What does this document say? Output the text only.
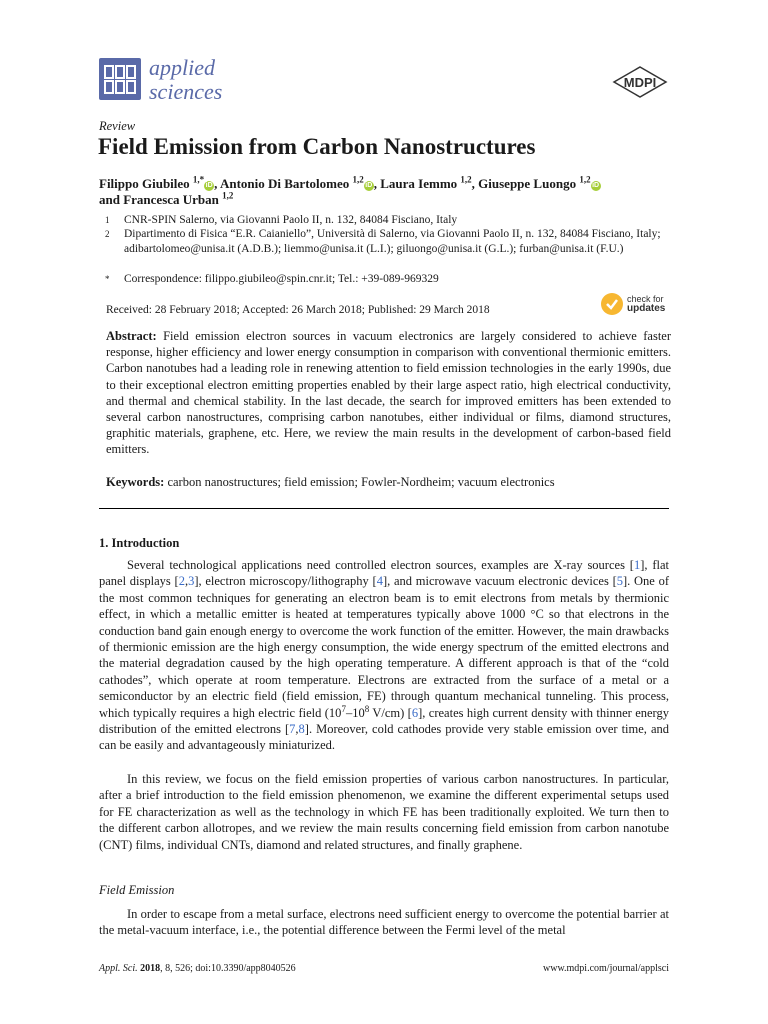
applied
sciences	MDPI
Review
Field Emission from Carbon Nanostructures
Filippo Giubileo $^{1,*}$iD , Antonio Di Bartolomeo $^{1,2}$iD , Laura Iemmo $^{1,2}$, Giuseppe Luongo $^{1,2}$iD
and Francesca Urban $^{1,2}$
1 CNR-SPIN Salerno, via Giovanni Paolo II, n. 132, 84084 Fisciano, Italy
2 Dipartimento di Fisica “E.R. Caianiello”, Università di Salerno, via Giovanni Paolo II, n. 132, 84084 Fisciano, Italy; adibartolomeo@unisa.it (A.D.B.); liemmo@unisa.it (L.I.); giluongo@unisa.it (G.L.); furban@unisa.it (F.U.)
* Correspondence: filippo.giubileo@spin.cnr.it; Tel.: +39-089-969329
Received: 28 February 2018; Accepted: 26 March 2018; Published: 29 March 2018
check for
updates
Abstract: Field emission electron sources in vacuum electronics are largely considered to achieve faster response, higher efficiency and lower energy consumption in comparison with conventional thermionic emitters. Carbon nanotubes had a leading role in renewing attention to field emission technologies in the early 1990s, due to their exceptional electron emitting properties enabled by their large aspect ratio, high electrical conductivity, and thermal and chemical stability. In the last decade, the search for improved emitters has been extended to several carbon nanostructures, comprising carbon nanotubes, either individual or films, diamond structures, graphitic materials, graphene, etc. Here, we review the main results in the development of carbon-based field emitters.
Keywords: carbon nanostructures; field emission; Fowler-Nordheim; vacuum electronics
1. Introduction
Several technological applications need controlled electron sources, examples are X-ray sources [1], flat panel displays [2,3], electron microscopy/lithography [4], and microwave vacuum electronic devices [5]. One of the most common techniques for generating an electron beam is to emit electrons from metals by thermionic effect, in which a metallic emitter is heated at temperatures typically above 1000 °C so that electrons in the conduction band gain enough energy to overcome the work function of the emitter. However, the main drawbacks of thermionic emission are the high energy consumption, the wide energy spectrum of the emitted electrons and the material degradation caused by the high operating temperature. A different approach is that of the “cold cathodes”, which operate at room temperature. Electrons are extracted from the surface of a metal or a semiconductor by an electric field (field emission, FE) through quantum mechanical tunneling. This process, which typically requires a high electric field ($10^7-10^8$ V/cm) [6], creates high current density with thinner energy distribution of the emitted electrons [7,8]. Moreover, cold cathodes provide very stable emission over time, and can be easily and advantageously miniaturized.
In this review, we focus on the field emission properties of various carbon nanostructures. In particular, after a brief introduction to the field emission phenomenon, we examine the different experimental setups used for FE characterization as well as the technology in which FE has been traditionally exploited. We turn then to the different carbon allotropes, and we review the main results concerning field emission from carbon nanotube (CNT) films, individual CNTs, diamond and related structures, and finally graphene.
Field Emission
In order to escape from a metal surface, electrons need sufficient energy to overcome the potential barrier at the metal-vacuum interface, i.e., the potential difference between the Fermi level of the metal
Appl. Sci. 2018, 8, 526; doi:10.3390/app8040526	www.mdpi.com/journal/applsci
